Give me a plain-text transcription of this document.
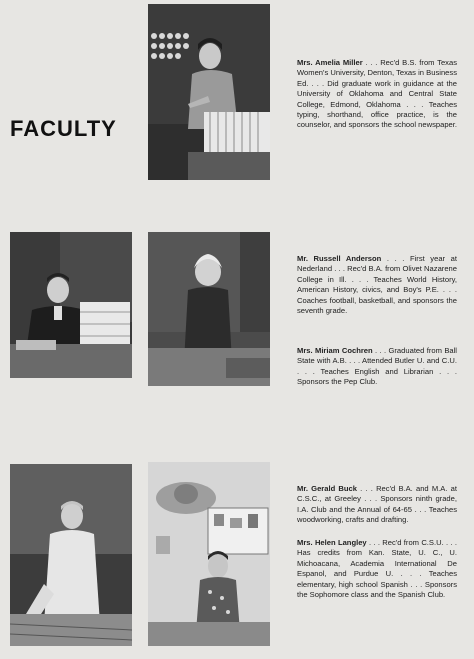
FACULTY

Mrs. Amelia Miller . . . Rec'd B.S. from Texas Women's University, Denton, Texas in Business Ed. . . . Did graduate work in guidance at the University of Oklahoma and Central State College, Edmond, Oklahoma . . . Teaches typing, shorthand, office practice, is the counselor, and sponsors the school newspaper.

Mr. Russell Anderson . . . First year at Nederland . . . Rec'd B.A. from Olivet Nazarene College in Ill. . . . Teaches World History, American History, civics, and Boy's P.E. . . . Coaches football, basketball, and sponsors the seventh grade.

Mrs. Miriam Cochren . . . Graduated from Ball State with A.B. . . . Attended Butler U. and C.U. . . . Teaches English and Librarian . . . Sponsors the Pep Club.

Mr. Gerald Buck . . . Rec'd B.A. and M.A. at C.S.C., at Greeley . . . Sponsors ninth grade, I.A. Club and the Annual of 64-65 . . . Teaches woodworking, crafts and drafting.

Mrs. Helen Langley . . . Rec'd from C.S.U. . . . Has credits from Kan. State, U. C., U. Michoacana, Academia International De Espanol, and Purdue U. . . . Teaches elementary, high school Spanish . . . Sponsors the Sophomore class and the Spanish Club.
